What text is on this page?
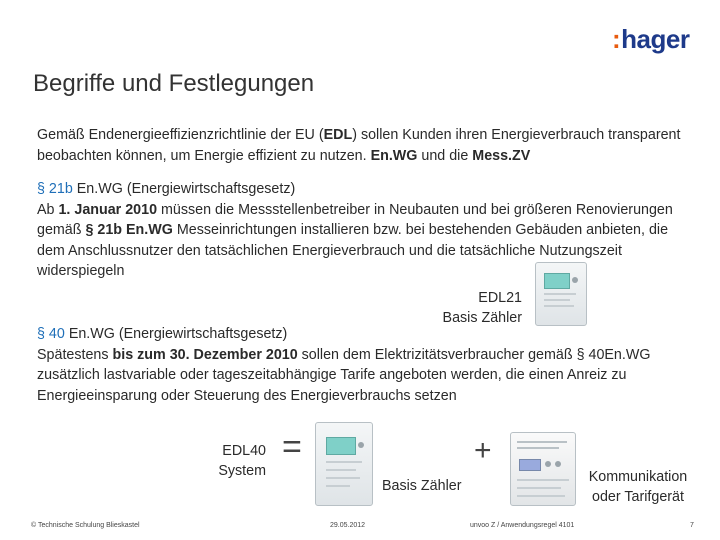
:hager
Begriffe und Festlegungen
Gemäß Endenergieeffizienzrichtlinie der EU (EDL) sollen Kunden ihren Energieverbrauch transparent beobachten können, um Energie effizient zu nutzen. En.WG und die Mess.ZV
§ 21b En.WG (Energiewirtschaftsgesetz)
Ab 1. Januar 2010 müssen die Messstellenbetreiber in Neubauten und bei größeren Renovierungen gemäß § 21b En.WG Messeinrichtungen installieren bzw. bei bestehenden Gebäuden anbieten, die dem Anschlussnutzer den tatsächlichen Energieverbrauch und die tatsächliche Nutzungszeit widerspiegeln
EDL21
Basis Zähler
§ 40 En.WG (Energiewirtschaftsgesetz)
Spätestens bis zum 30. Dezember 2010 sollen dem Elektrizitätsverbraucher gemäß § 40En.WG zusätzlich lastvariable oder tageszeitabhängige Tarife angeboten werden, die einen Anreiz zu Energieeinsparung oder Steuerung des Energieverbrauchs setzen
EDL40
System
=
Basis Zähler
+
Kommunikation
oder Tarifgerät
© Technische Schulung Blieskastel	29.05.2012	unvoo Z / Anwendungsregel 4101	7
